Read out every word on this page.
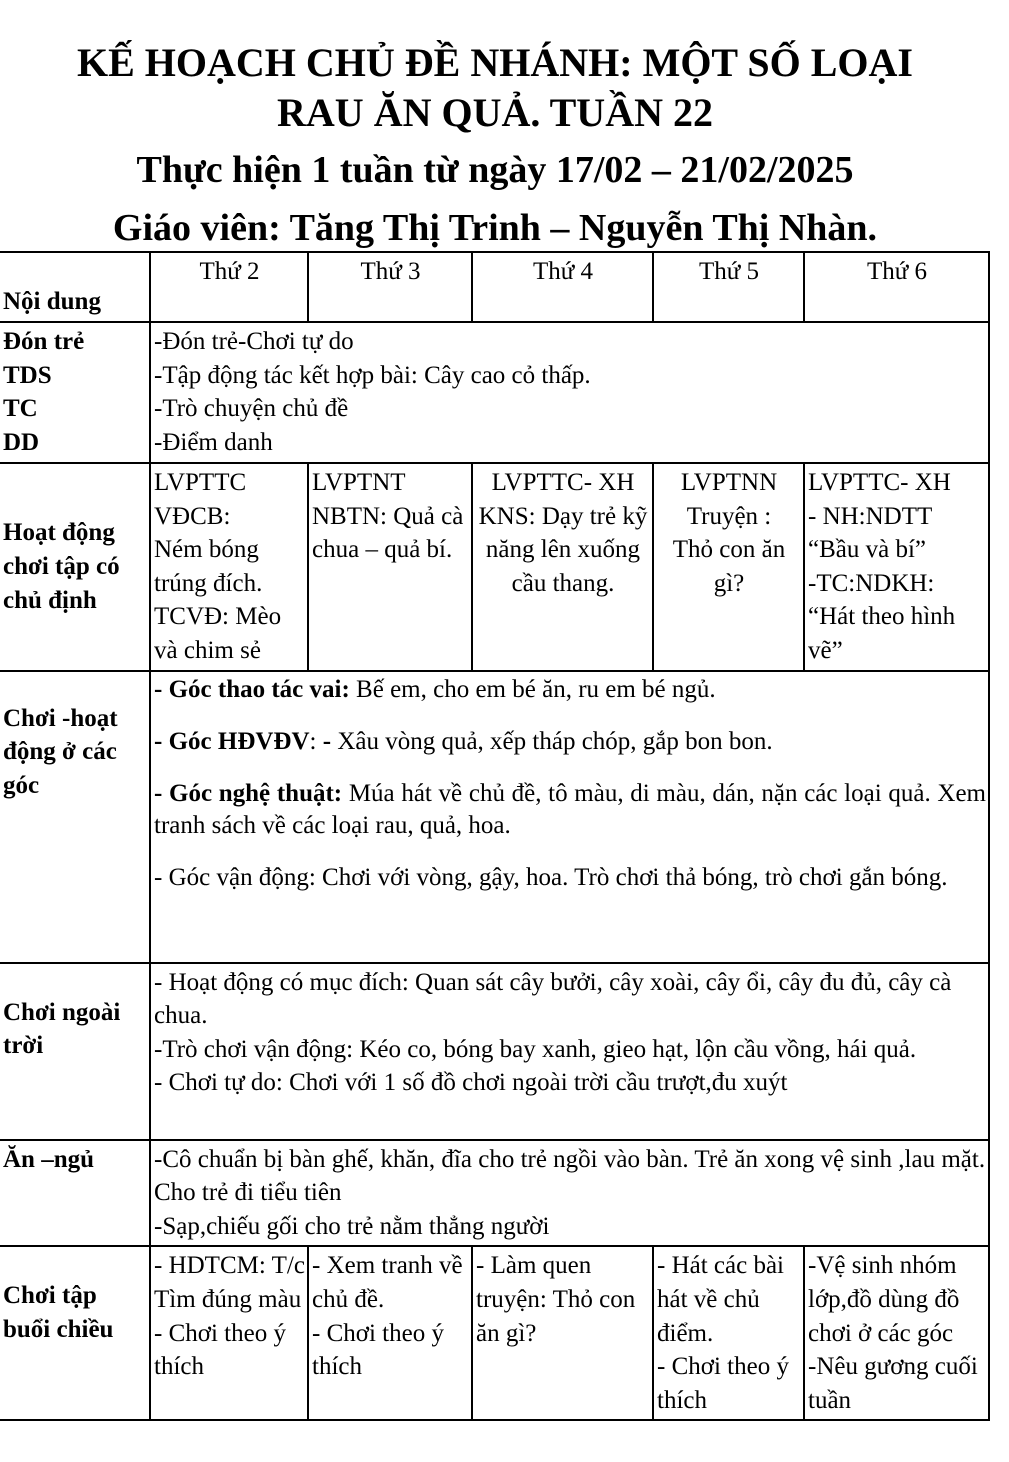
KẾ HOẠCH CHỦ ĐỀ NHÁNH: MỘT SỐ LOẠI
RAU ĂN QUẢ. TUẦN 22
Thực hiện 1 tuần từ ngày 17/02 – 21/02/2025
Giáo viên: Tăng Thị Trinh – Nguyễn Thị Nhàn.
Nội dung	Thứ 2	Thứ 3	Thứ 4	Thứ 5	Thứ 6
Đón trẻ
TDS
TC
DD	-Đón trẻ-Chơi tự do
-Tập động tác kết hợp bài: Cây cao cỏ thấp.
-Trò chuyện chủ đề
-Điểm danh				
Hoạt động chơi tập có chủ định	LVPTTC
VĐCB:
Ném bóng trúng đích.
TCVĐ: Mèo và chim sẻ	LVPTNT
NBTN: Quả cà chua – quả bí.	LVPTTC- XH
KNS: Dạy trẻ kỹ năng lên xuống cầu thang.	LVPTNN
Truyện :
Thỏ con ăn gì?	LVPTTC- XH
- NH:NDTT
“Bầu và bí”
-TC:NDKH:
“Hát theo hình vẽ”
Chơi -hoạt động ở các góc	- Góc thao tác vai: Bế em, cho em bé ăn, ru em bé ngủ.
- Góc HĐVĐV: - Xâu vòng quả, xếp tháp chóp, gắp bon bon.
- Góc nghệ thuật: Múa hát về chủ đề, tô màu, di màu, dán, nặn các loại quả. Xem tranh sách về các loại rau, quả, hoa.
- Góc vận động: Chơi với vòng, gậy, hoa. Trò chơi thả bóng, trò chơi gắn bóng.				

Chơi ngoài trời	- Hoạt động có mục đích: Quan sát cây bưởi, cây xoài, cây ổi, cây đu đủ, cây cà chua.
-Trò chơi vận động: Kéo co, bóng bay xanh, gieo hạt, lộn cầu vồng, hái quả.
- Chơi tự do: Chơi với 1 số đồ chơi ngoài trời cầu trượt,đu xuýt				
Ăn –ngủ	-Cô chuẩn bị bàn ghế, khăn, đĩa cho trẻ ngồi vào bàn. Trẻ ăn xong vệ sinh ,lau mặt. Cho trẻ đi tiểu tiên
-Sạp,chiếu gối cho trẻ nằm thẳng người				
Chơi tập buổi chiều	- HDTCM: T/c Tìm đúng màu
- Chơi theo ý thích	- Xem tranh về chủ đề.
- Chơi theo ý thích	- Làm quen truyện: Thỏ con ăn gì?	- Hát các bài hát về chủ điểm.
- Chơi theo ý thích	-Vệ sinh nhóm lớp,đồ dùng đồ chơi ở các góc
-Nêu gương cuối tuần
